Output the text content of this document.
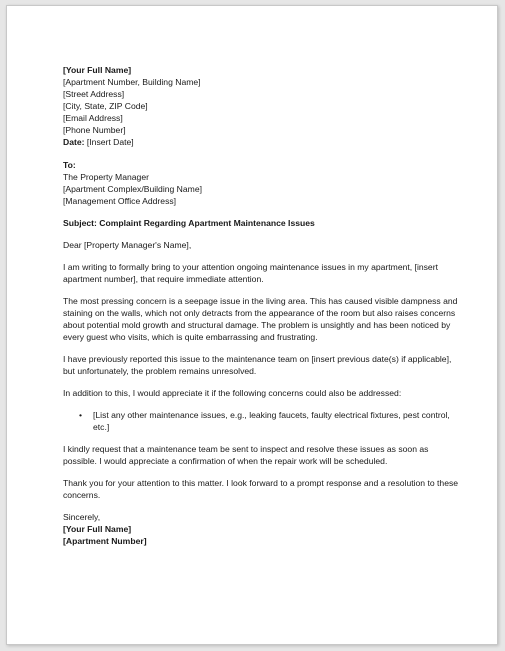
[Your Full Name]
[Apartment Number, Building Name]
[Street Address]
[City, State, ZIP Code]
[Email Address]
[Phone Number]
Date: [Insert Date]
To:
The Property Manager
[Apartment Complex/Building Name]
[Management Office Address]
Subject: Complaint Regarding Apartment Maintenance Issues
Dear [Property Manager's Name],
I am writing to formally bring to your attention ongoing maintenance issues in my apartment, [insert apartment number], that require immediate attention.
The most pressing concern is a seepage issue in the living area. This has caused visible dampness and staining on the walls, which not only detracts from the appearance of the room but also raises concerns about potential mold growth and structural damage. The problem is unsightly and has been noticed by every guest who visits, which is quite embarrassing and frustrating.
I have previously reported this issue to the maintenance team on [insert previous date(s) if applicable], but unfortunately, the problem remains unresolved.
In addition to this, I would appreciate it if the following concerns could also be addressed:
• [List any other maintenance issues, e.g., leaking faucets, faulty electrical fixtures, pest control, etc.]
I kindly request that a maintenance team be sent to inspect and resolve these issues as soon as possible. I would appreciate a confirmation of when the repair work will be scheduled.
Thank you for your attention to this matter. I look forward to a prompt response and a resolution to these concerns.
Sincerely,
[Your Full Name]
[Apartment Number]
